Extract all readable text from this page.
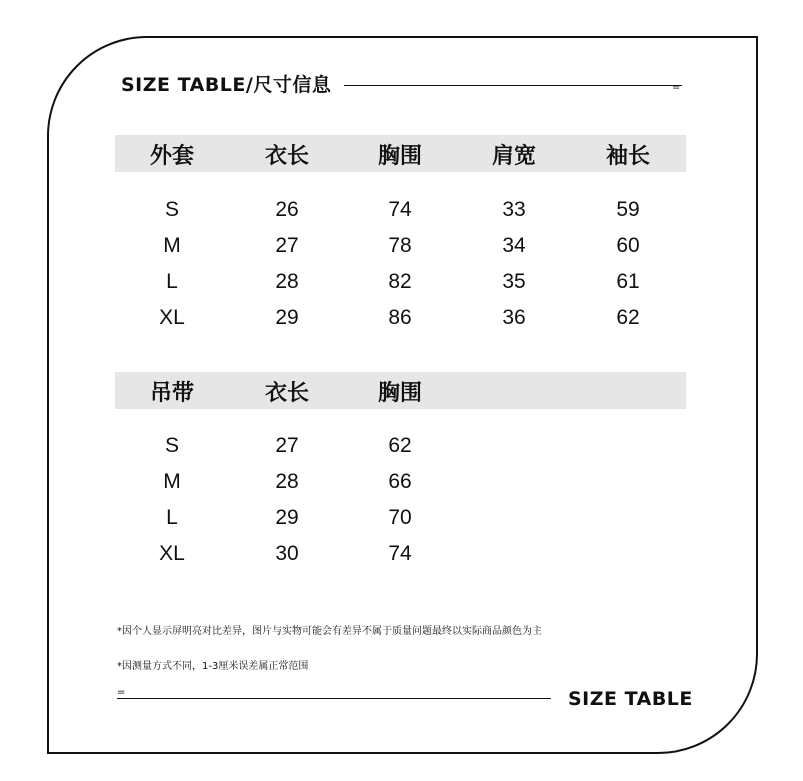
SIZE TABLE/尺寸信息	=
外套	衣长	胸围	肩宽	袖长
S	26	74	33	59
M	27	78	34	60
L	28	82	35	61
XL	29	86	36	62
吊带	衣长	胸围
S	27	62
M	28	66
L	29	70
XL	30	74
*因个人显示屏明亮对比差异，图片与实物可能会有差异不属于质量问题最终以实际商品颜色为主
*因测量方式不同，1-3厘米误差属正常范围
=	SIZE TABLE
